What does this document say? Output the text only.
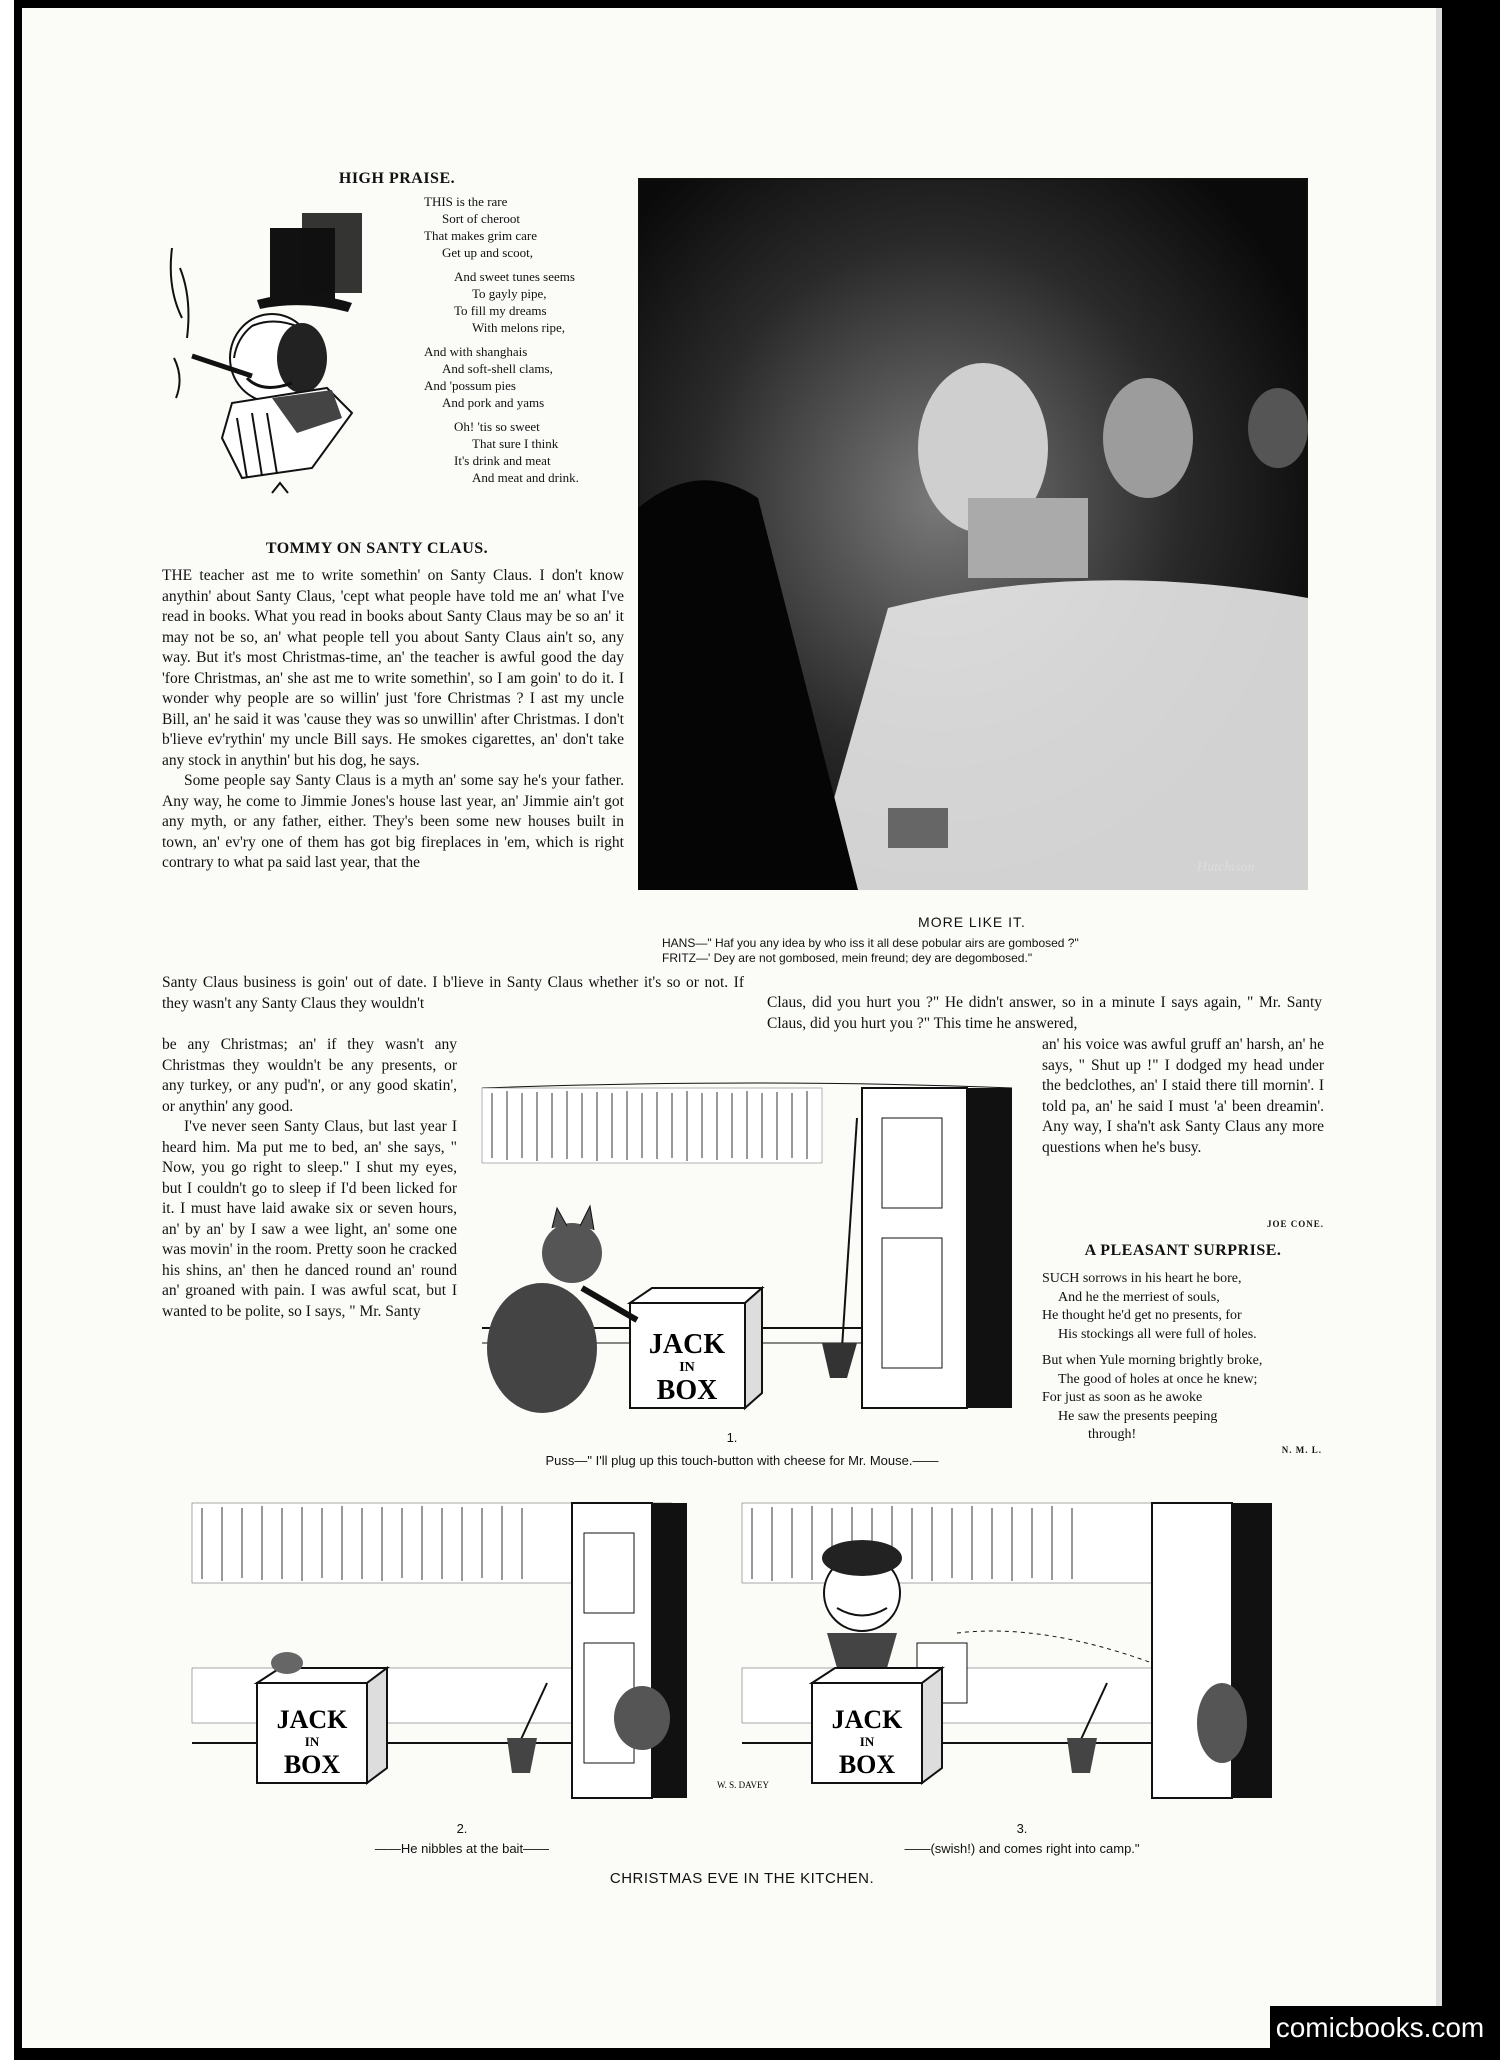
HIGH PRAISE.
THIS is the rare
Sort of cheroot
That makes grim care
Get up and scoot,
And sweet tunes seems
To gayly pipe,
To fill my dreams
With melons ripe,
And with shanghais
And soft-shell clams,
And 'possum pies
And pork and yams
Oh! 'tis so sweet
That sure I think
It's drink and meat
And meat and drink.
Hutchison
MORE LIKE IT.
HANS—" Haf you any idea by who iss it all dese pobular airs are gombosed ?"
FRITZ—' Dey are not gombosed, mein freund; dey are degombosed."
TOMMY ON SANTY CLAUS.

THE teacher ast me to write somethin' on Santy Claus. I don't know anythin' about Santy Claus, 'cept what people have told me an' what I've read in books. What you read in books about Santy Claus may be so an' it may not be so, an' what people tell you about Santy Claus ain't so, any way. But it's most Christmas-time, an' the teacher is awful good the day 'fore Christmas, an' she ast me to write somethin', so I am goin' to do it. I wonder why people are so willin' just 'fore Christmas ? I ast my uncle Bill, an' he said it was 'cause they was so unwillin' after Christmas. I don't b'lieve ev'rythin' my uncle Bill says. He smokes cigarettes, an' don't take any stock in anythin' but his dog, he says.

Some people say Santy Claus is a myth an' some say he's your father. Any way, he come to Jimmie Jones's house last year, an' Jimmie ain't got any myth, or any father, either. They's been some new houses built in town, an' ev'ry one of them has got big fireplaces in 'em, which is right contrary to what pa said last year, that the

Santy Claus business is goin' out of date. I b'lieve in Santy Claus whether it's so or not. If they wasn't any Santy Claus they wouldn't	Claus, did you hurt you ?" He didn't answer, so in a minute I says again, " Mr. Santy Claus, did you hurt you ?" This time he answered,

be any Christmas; an' if they wasn't any Christmas they wouldn't be any presents, or any turkey, or any pud'n', or any good skatin', or anythin' any good.

I've never seen Santy Claus, but last year I heard him. Ma put me to bed, an' she says, " Now, you go right to sleep." I shut my eyes, but I couldn't go to sleep if I'd been licked for it. I must have laid awake six or seven hours, an' by an' by I saw a wee light, an' some one was movin' in the room. Pretty soon he cracked his shins, an' then he danced round an' round an' groaned with pain. I was awful scat, but I wanted to be polite, so I says, " Mr. Santy

an' his voice was awful gruff an' harsh, an' he says, " Shut up !" I dodged my head under the bedclothes, an' I staid there till mornin'. I told pa, an' he said I must 'a' been dreamin'. Any way, I sha'n't ask Santy Claus any more questions when he's busy.
JOE CONE.
A PLEASANT SURPRISE.
SUCH sorrows in his heart he bore,
And he the merriest of souls,
He thought he'd get no presents, for
His stockings all were full of holes.
But when Yule morning brightly broke,
The good of holes at once he knew;
For just as soon as he awoke
He saw the presents peeping
through!
N. M. L.
JACK
IN
BOX
1.
Puss—" I'll plug up this touch-button with cheese for Mr. Mouse.——
JACK
IN
BOX
2.
——He nibbles at the bait——
JACK
IN
BOX
W. S. DAVEY
3.
——(swish!) and comes right into camp."
CHRISTMAS EVE IN THE KITCHEN.
comicbooks.com
